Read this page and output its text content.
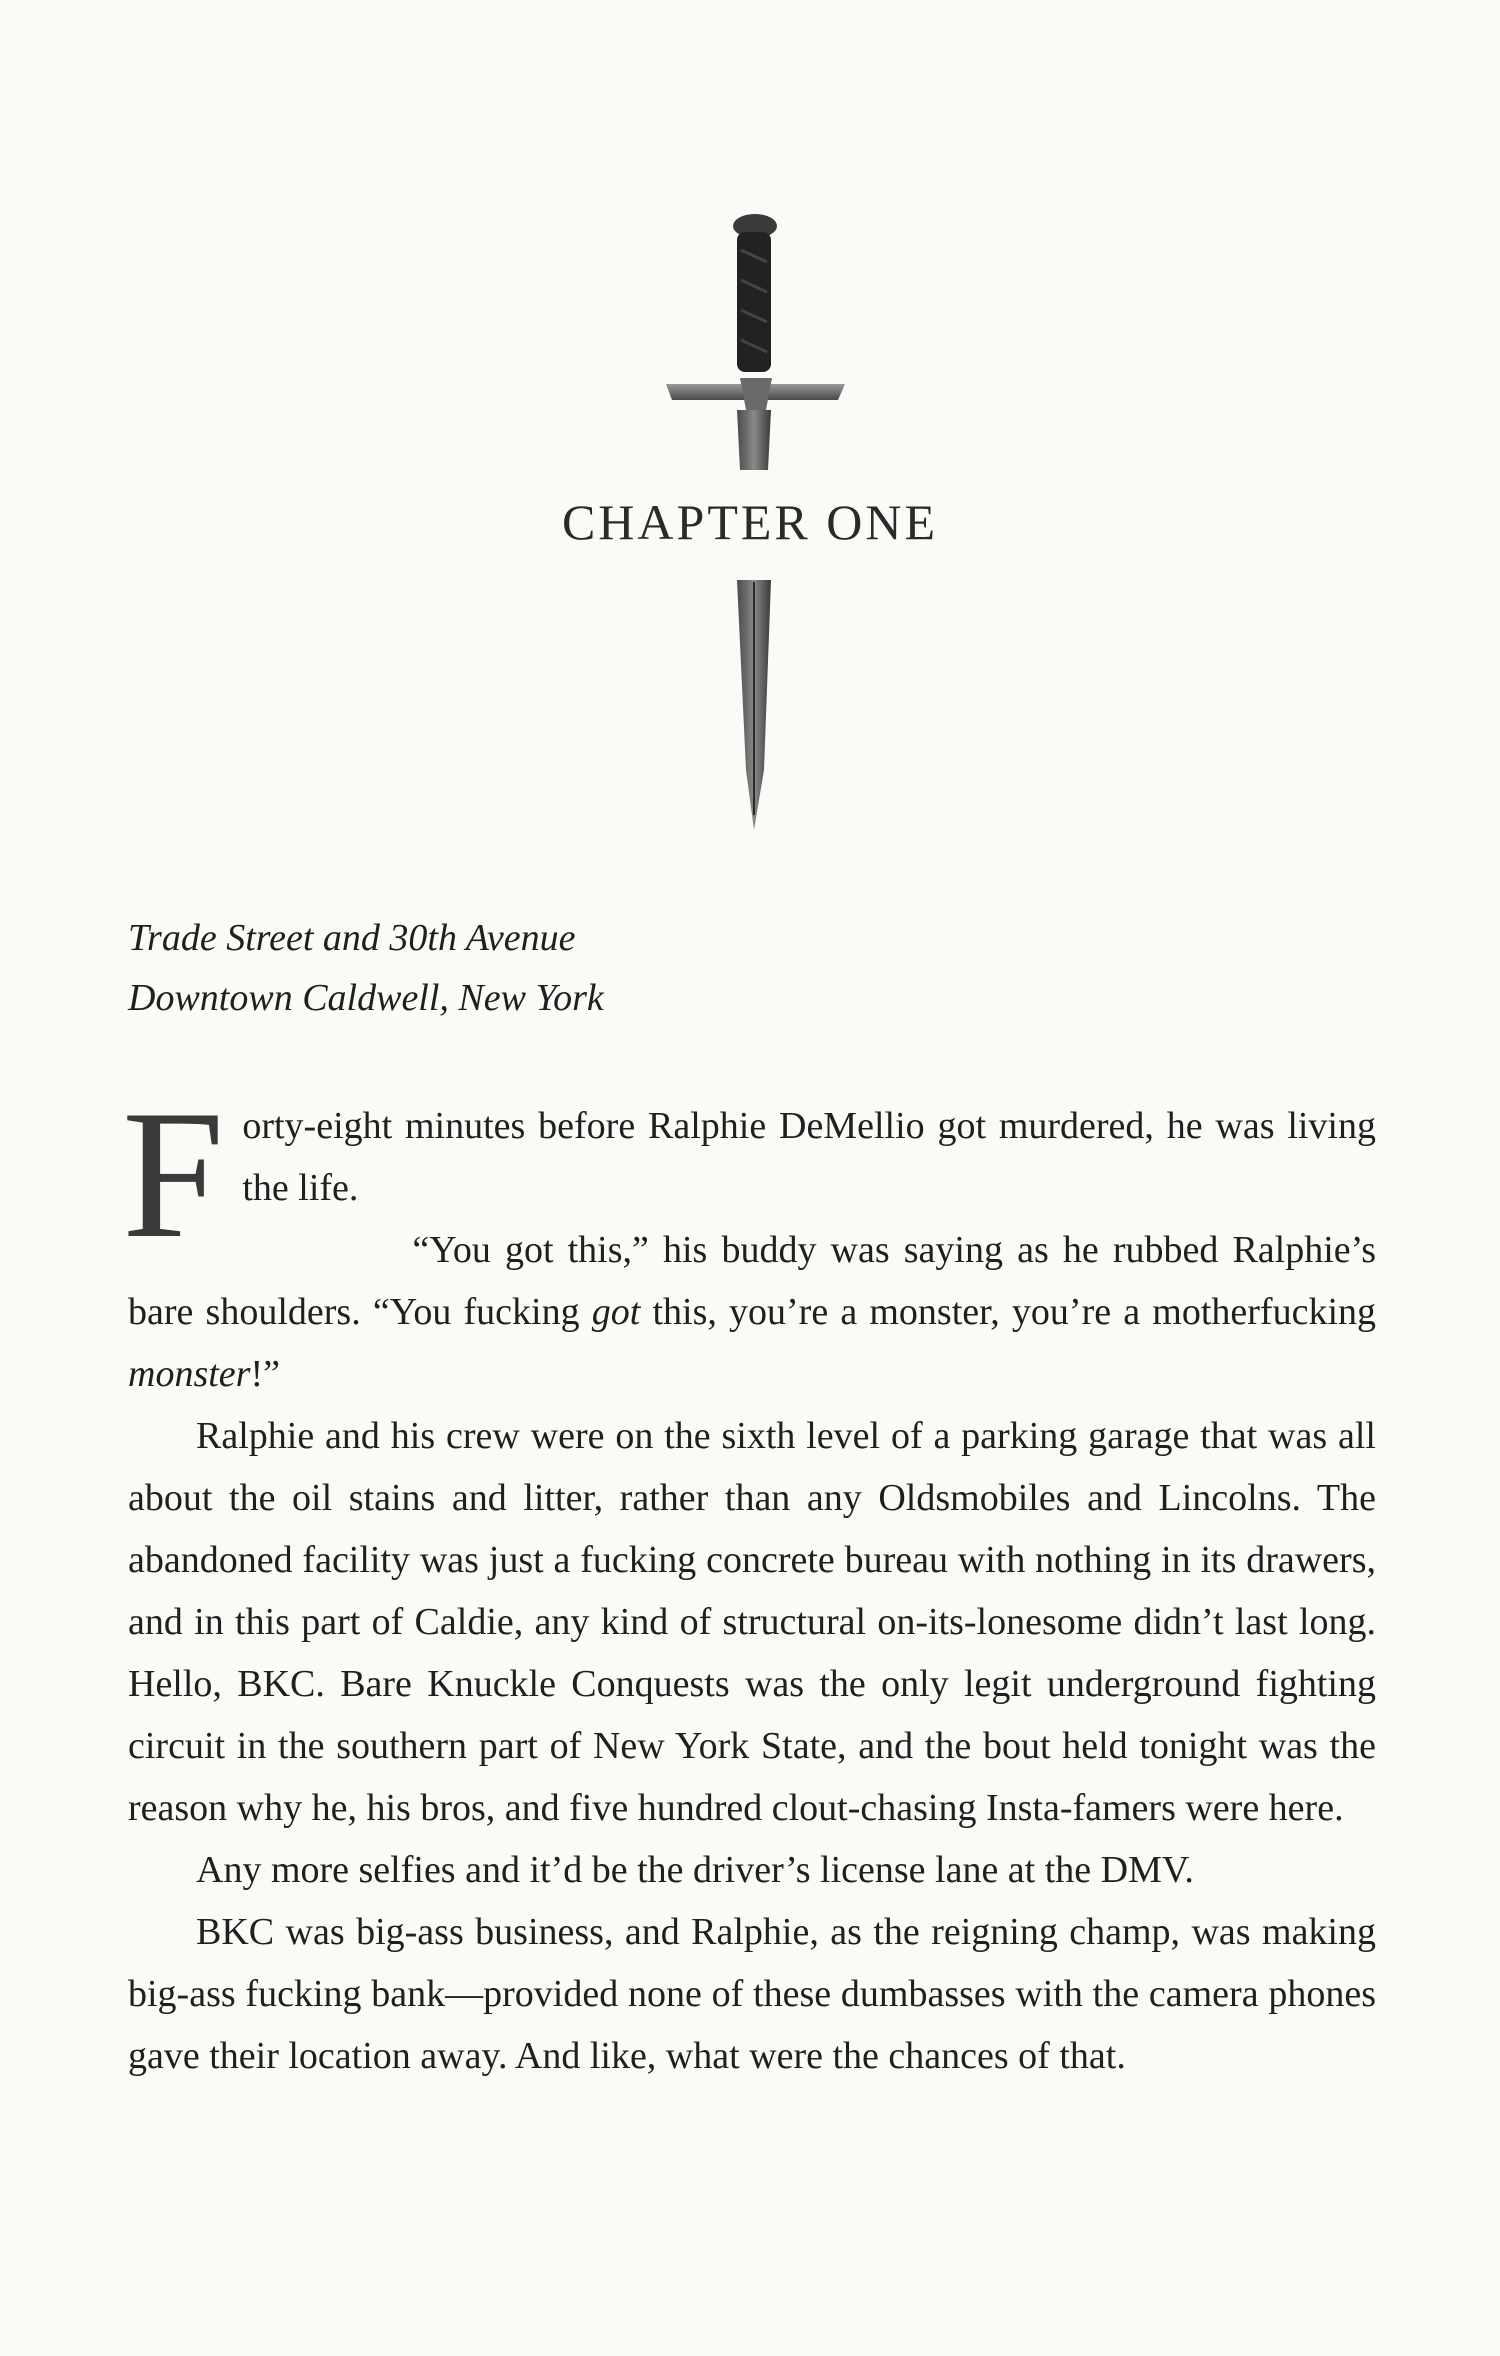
CHAPTER ONE
Trade Street and 30th Avenue
Downtown Caldwell, New York

Forty-eight minutes before Ralphie DeMellio got murdered, he was living the life.

“You got this,” his buddy was saying as he rubbed Ralphie’s bare shoulders. “You fucking got this, you’re a monster, you’re a motherfucking monster!”

Ralphie and his crew were on the sixth level of a parking garage that was all about the oil stains and litter, rather than any Oldsmobiles and Lincolns. The abandoned facility was just a fucking concrete bureau with nothing in its drawers, and in this part of Caldie, any kind of structural on-its-lonesome didn’t last long. Hello, BKC. Bare Knuckle Conquests was the only legit underground fighting circuit in the southern part of New York State, and the bout held tonight was the reason why he, his bros, and five hundred clout-chasing Insta-famers were here.

Any more selfies and it’d be the driver’s license lane at the DMV.

BKC was big-ass business, and Ralphie, as the reigning champ, was making big-ass fucking bank—provided none of these dumbasses with the camera phones gave their location away. And like, what were the chances of that.
